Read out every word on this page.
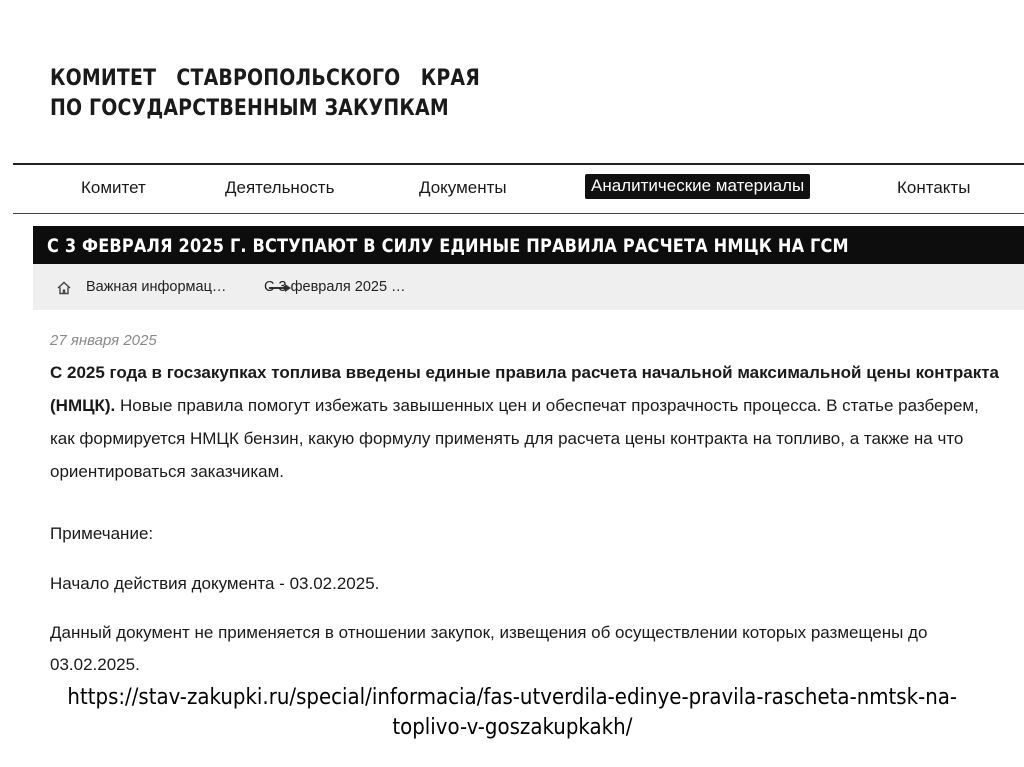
КОМИТЕТ   СТАВРОПОЛЬСКОГО   КРАЯ
ПО ГОСУДАРСТВЕННЫМ ЗАКУПКАМ
Комитет	Деятельность	Документы	Аналитические материалы	Контакты
С 3 ФЕВРАЛЯ 2025 Г. ВСТУПАЮТ В СИЛУ ЕДИНЫЕ ПРАВИЛА РАСЧЕТА НМЦК НА ГСМ
Важная информац…	С 3 февраля 2025 …
27 января 2025
С 2025 года в госзакупках топлива введены единые правила расчета начальной максимальной цены контракта (НМЦК). Новые правила помогут избежать завышенных цен и обеспечат прозрачность процесса. В статье разберем, как формируется НМЦК бензин, какую формулу применять для расчета цены контракта на топливо, а также на что ориентироваться заказчикам.
Примечание:
Начало действия документа - 03.02.2025.
Данный документ не применяется в отношении закупок, извещения об осуществлении которых размещены до 03.02.2025.
https://stav-zakupki.ru/special/informacia/fas-utverdila-edinye-pravila-rascheta-nmtsk-na-
toplivo-v-goszakupkakh/
